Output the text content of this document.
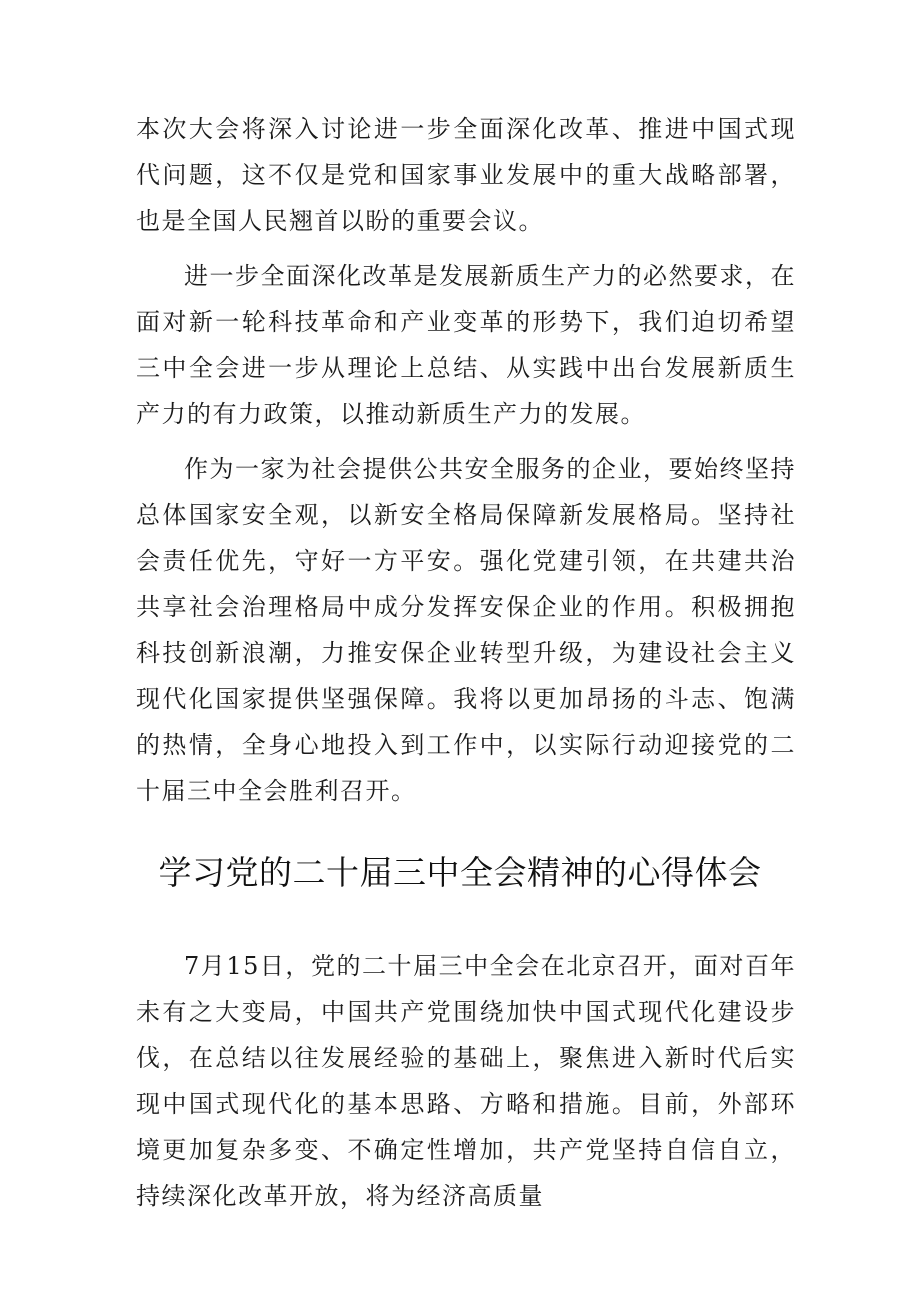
本次大会将深入讨论进一步全面深化改革、推进中国式现代问题，这不仅是党和国家事业发展中的重大战略部署，也是全国人民翘首以盼的重要会议。

进一步全面深化改革是发展新质生产力的必然要求，在面对新一轮科技革命和产业变革的形势下，我们迫切希望三中全会进一步从理论上总结、从实践中出台发展新质生产力的有力政策，以推动新质生产力的发展。

作为一家为社会提供公共安全服务的企业，要始终坚持总体国家安全观，以新安全格局保障新发展格局。坚持社会责任优先，守好一方平安。强化党建引领，在共建共治共享社会治理格局中成分发挥安保企业的作用。积极拥抱科技创新浪潮，力推安保企业转型升级，为建设社会主义现代化国家提供坚强保障。我将以更加昂扬的斗志、饱满的热情，全身心地投入到工作中，以实际行动迎接党的二十届三中全会胜利召开。

学习党的二十届三中全会精神的心得体会

7月15日，党的二十届三中全会在北京召开，面对百年未有之大变局，中国共产党围绕加快中国式现代化建设步伐，在总结以往发展经验的基础上，聚焦进入新时代后实现中国式现代化的基本思路、方略和措施。目前，外部环境更加复杂多变、不确定性增加，共产党坚持自信自立，持续深化改革开放，将为经济高质量
